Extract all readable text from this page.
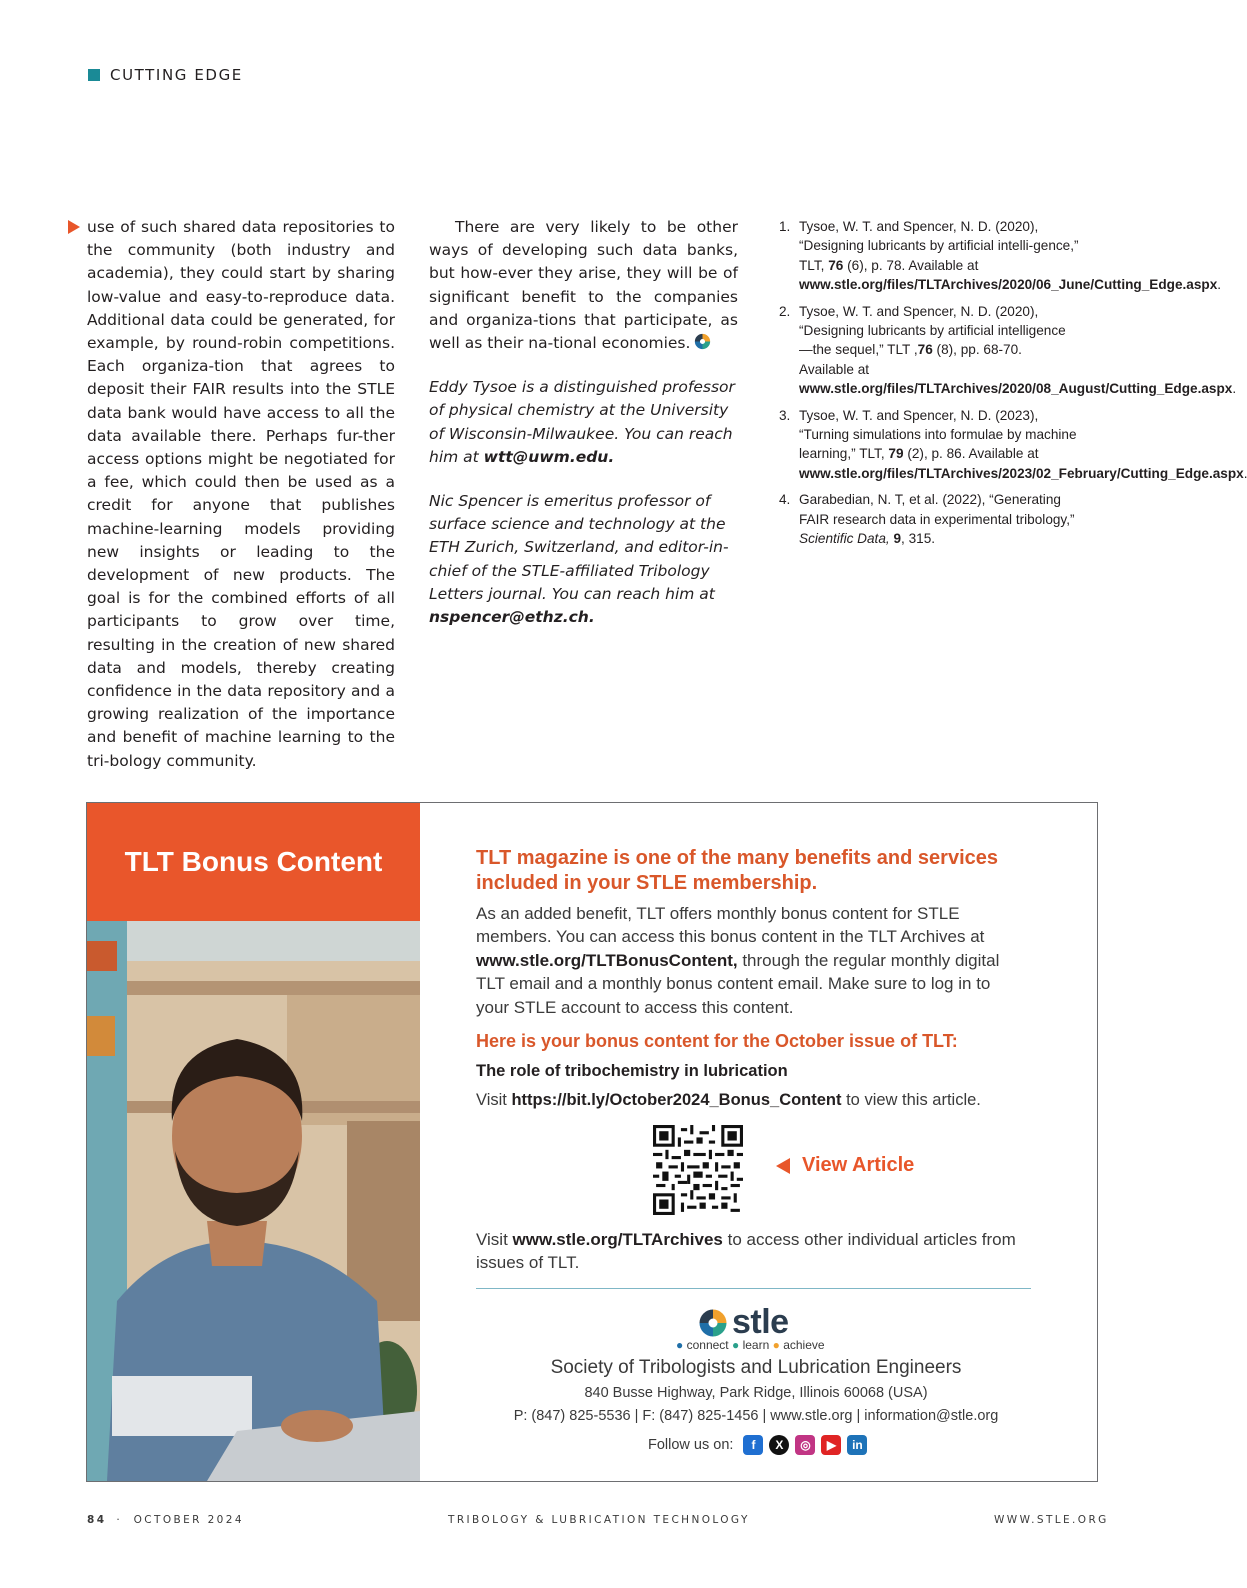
CUTTING EDGE

use of such shared data repositories to the community (both industry and academia), they could start by sharing low-value and easy-to-reproduce data. Additional data could be generated, for example, by round-robin competitions. Each organiza-tion that agrees to deposit their FAIR results into the STLE data bank would have access to all the data available there. Perhaps fur-ther access options might be negotiated for a fee, which could then be used as a credit for anyone that publishes machine-learning models providing new insights or leading to the development of new products. The goal is for the combined efforts of all participants to grow over time, resulting in the creation of new shared data and models, thereby creating confidence in the data repository and a growing realization of the importance and benefit of machine learning to the tri-bology community.

There are very likely to be other ways of developing such data banks, but how-ever they arise, they will be of significant benefit to the companies and organiza-tions that participate, as well as their na-tional economies.

Eddy Tysoe is a distinguished professor of physical chemistry at the University of Wisconsin-Milwaukee. You can reach him at wtt@uwm.edu.

Nic Spencer is emeritus professor of surface science and technology at the ETH Zurich, Switzerland, and editor-in-chief of the STLE-affiliated Tribology Letters journal. You can reach him at nspencer@ethz.ch.

1. Tysoe, W. T. and Spencer, N. D. (2020), “Designing lubricants by artificial intelli-gence,” TLT, 76 (6), p. 78. Available at www.stle.org/files/TLTArchives/2020/06_June/Cutting_Edge.aspx.
2. Tysoe, W. T. and Spencer, N. D. (2020), “Designing lubricants by artificial intelligence—the sequel,” TLT ,76 (8), pp. 68-70. Available at www.stle.org/files/TLTArchives/2020/08_August/Cutting_Edge.aspx.
3. Tysoe, W. T. and Spencer, N. D. (2023), “Turning simulations into formulae by machine learning,” TLT, 79 (2), p. 86. Available at www.stle.org/files/TLTArchives/2023/02_February/Cutting_Edge.aspx
4. Garabedian, N. T, et al. (2022), “Generating FAIR research data in experimental tribology,” Scientific Data, 9, 315.
TLT Bonus Content	TLT magazine is one of the many benefits and services included in your STLE membership.

As an added benefit, TLT offers monthly bonus content for STLE members. You can access this bonus content in the TLT Archives at www.stle.org/TLTBonusContent, through the regular monthly digital TLT email and a monthly bonus content email. Make sure to log in to your STLE account to access this content.

Here is your bonus content for the October issue of TLT:
The role of tribochemistry in lubrication
Visit https://bit.ly/October2024_Bonus_Content to view this article.
View Article

Visit www.stle.org/TLTArchives to access other individual articles from issues of TLT.

stle
● connect ● learn ● achieve
Society of Tribologists and Lubrication Engineers
840 Busse Highway, Park Ridge, Illinois 60068 (USA)
P: (847) 825-5536 | F: (847) 825-1456 | www.stle.org | information@stle.org
Follow us on:	f	X	◎	▶	in
84 ·  OCTOBER 2024	TRIBOLOGY & LUBRICATION TECHNOLOGY	WWW.STLE.ORG
